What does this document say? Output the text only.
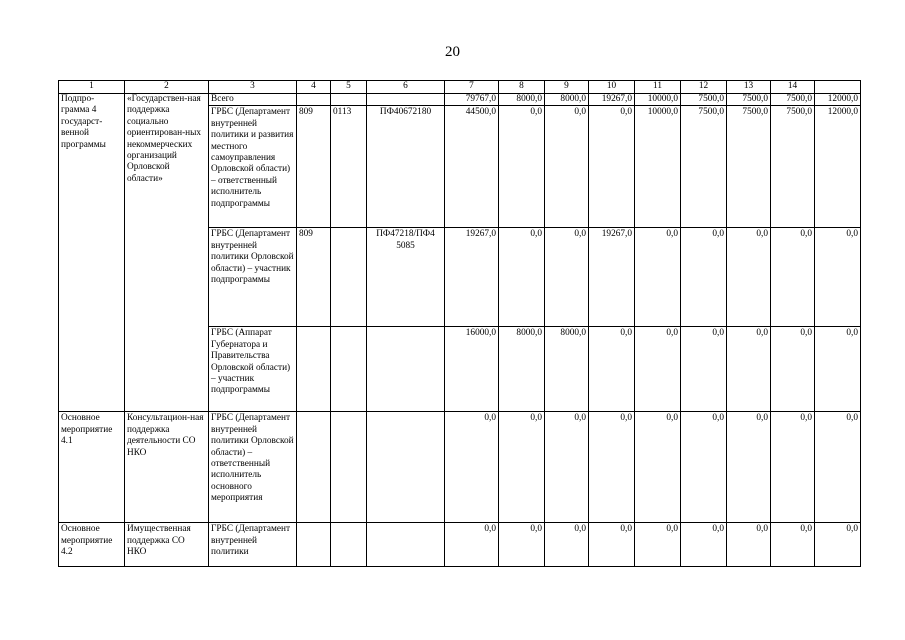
20
1	2	3	4	5	6	7	8	9	10	11	12	13	14	
Подпро-грамма 4 государст-венной программы	«Государствен-ная поддержка социально ориентирован-ных некоммерческих организаций Орловской области»	Всего				79767,0	8000,0	8000,0	19267,0	10000,0	7500,0	7500,0	7500,0	12000,0
		ГРБС (Департамент внутренней политики и развития местного самоуправления Орловской области) – ответственный исполнитель подпрограммы	809	0113	ПФ40672180	44500,0	0,0	0,0	0,0	10000,0	7500,0	7500,0	7500,0	12000,0
		ГРБС (Департамент внутренней политики Орловской области) – участник подпрограммы	809		ПФ47218/ПФ4 5085	19267,0	0,0	0,0	19267,0	0,0	0,0	0,0	0,0	0,0
		ГРБС (Аппарат Губернатора и Правительства Орловской области) – участник подпрограммы				16000,0	8000,0	8000,0	0,0	0,0	0,0	0,0	0,0	0,0
Основное мероприятие 4.1	Консультацион-ная поддержка деятельности СО НКО	ГРБС (Департамент внутренней политики Орловской области) – ответственный исполнитель основного мероприятия				0,0	0,0	0,0	0,0	0,0	0,0	0,0	0,0	0,0
Основное мероприятие 4.2	Имущественная поддержка СО НКО	ГРБС (Департамент внутренней политики				0,0	0,0	0,0	0,0	0,0	0,0	0,0	0,0	0,0
